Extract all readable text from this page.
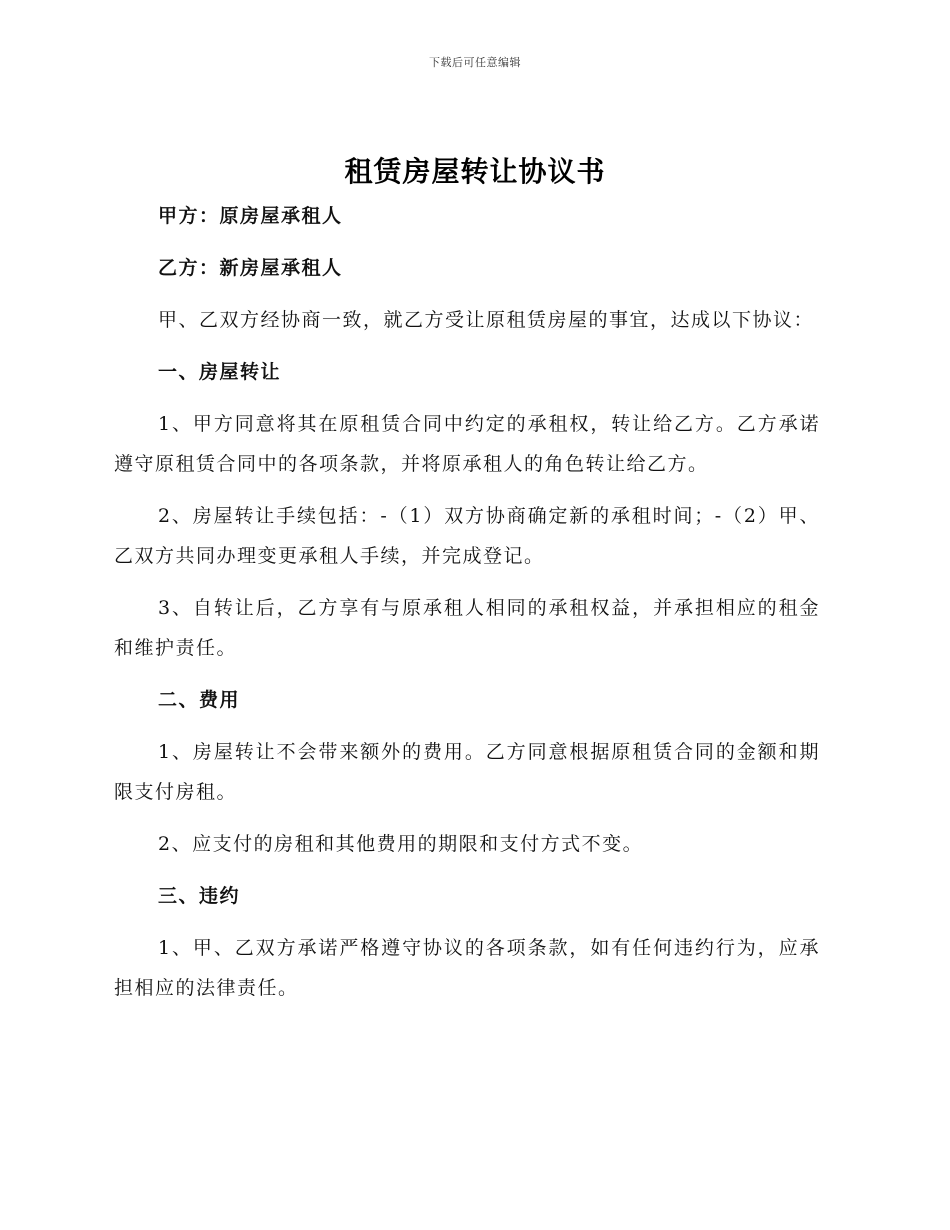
下载后可任意编辑
租赁房屋转让协议书

甲方：原房屋承租人

乙方：新房屋承租人

甲、乙双方经协商一致，就乙方受让原租赁房屋的事宜，达成以下协议：

一、房屋转让

1、甲方同意将其在原租赁合同中约定的承租权，转让给乙方。乙方承诺遵守原租赁合同中的各项条款，并将原承租人的角色转让给乙方。

2、房屋转让手续包括：-（1）双方协商确定新的承租时间；-（2）甲、乙双方共同办理变更承租人手续，并完成登记。

3、自转让后，乙方享有与原承租人相同的承租权益，并承担相应的租金和维护责任。

二、费用

1、房屋转让不会带来额外的费用。乙方同意根据原租赁合同的金额和期限支付房租。

2、应支付的房租和其他费用的期限和支付方式不变。

三、违约

1、甲、乙双方承诺严格遵守协议的各项条款，如有任何违约行为，应承担相应的法律责任。
